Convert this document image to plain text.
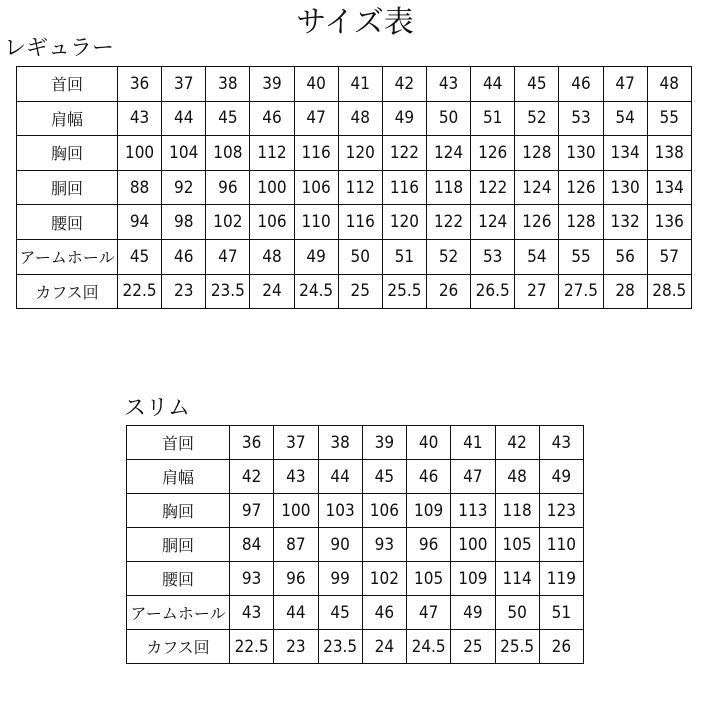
サイズ表
レギュラー
首回	36	37	38	39	40	41	42	43	44	45	46	47	48
肩幅	43	44	45	46	47	48	49	50	51	52	53	54	55
胸回	100	104	108	112	116	120	122	124	126	128	130	134	138
胴回	88	92	96	100	106	112	116	118	122	124	126	130	134
腰回	94	98	102	106	110	116	120	122	124	126	128	132	136
アームホール	45	46	47	48	49	50	51	52	53	54	55	56	57
カフス回	22.5	23	23.5	24	24.5	25	25.5	26	26.5	27	27.5	28	28.5
スリム
首回	36	37	38	39	40	41	42	43
肩幅	42	43	44	45	46	47	48	49
胸回	97	100	103	106	109	113	118	123
胴回	84	87	90	93	96	100	105	110
腰回	93	96	99	102	105	109	114	119
アームホール	43	44	45	46	47	49	50	51
カフス回	22.5	23	23.5	24	24.5	25	25.5	26
